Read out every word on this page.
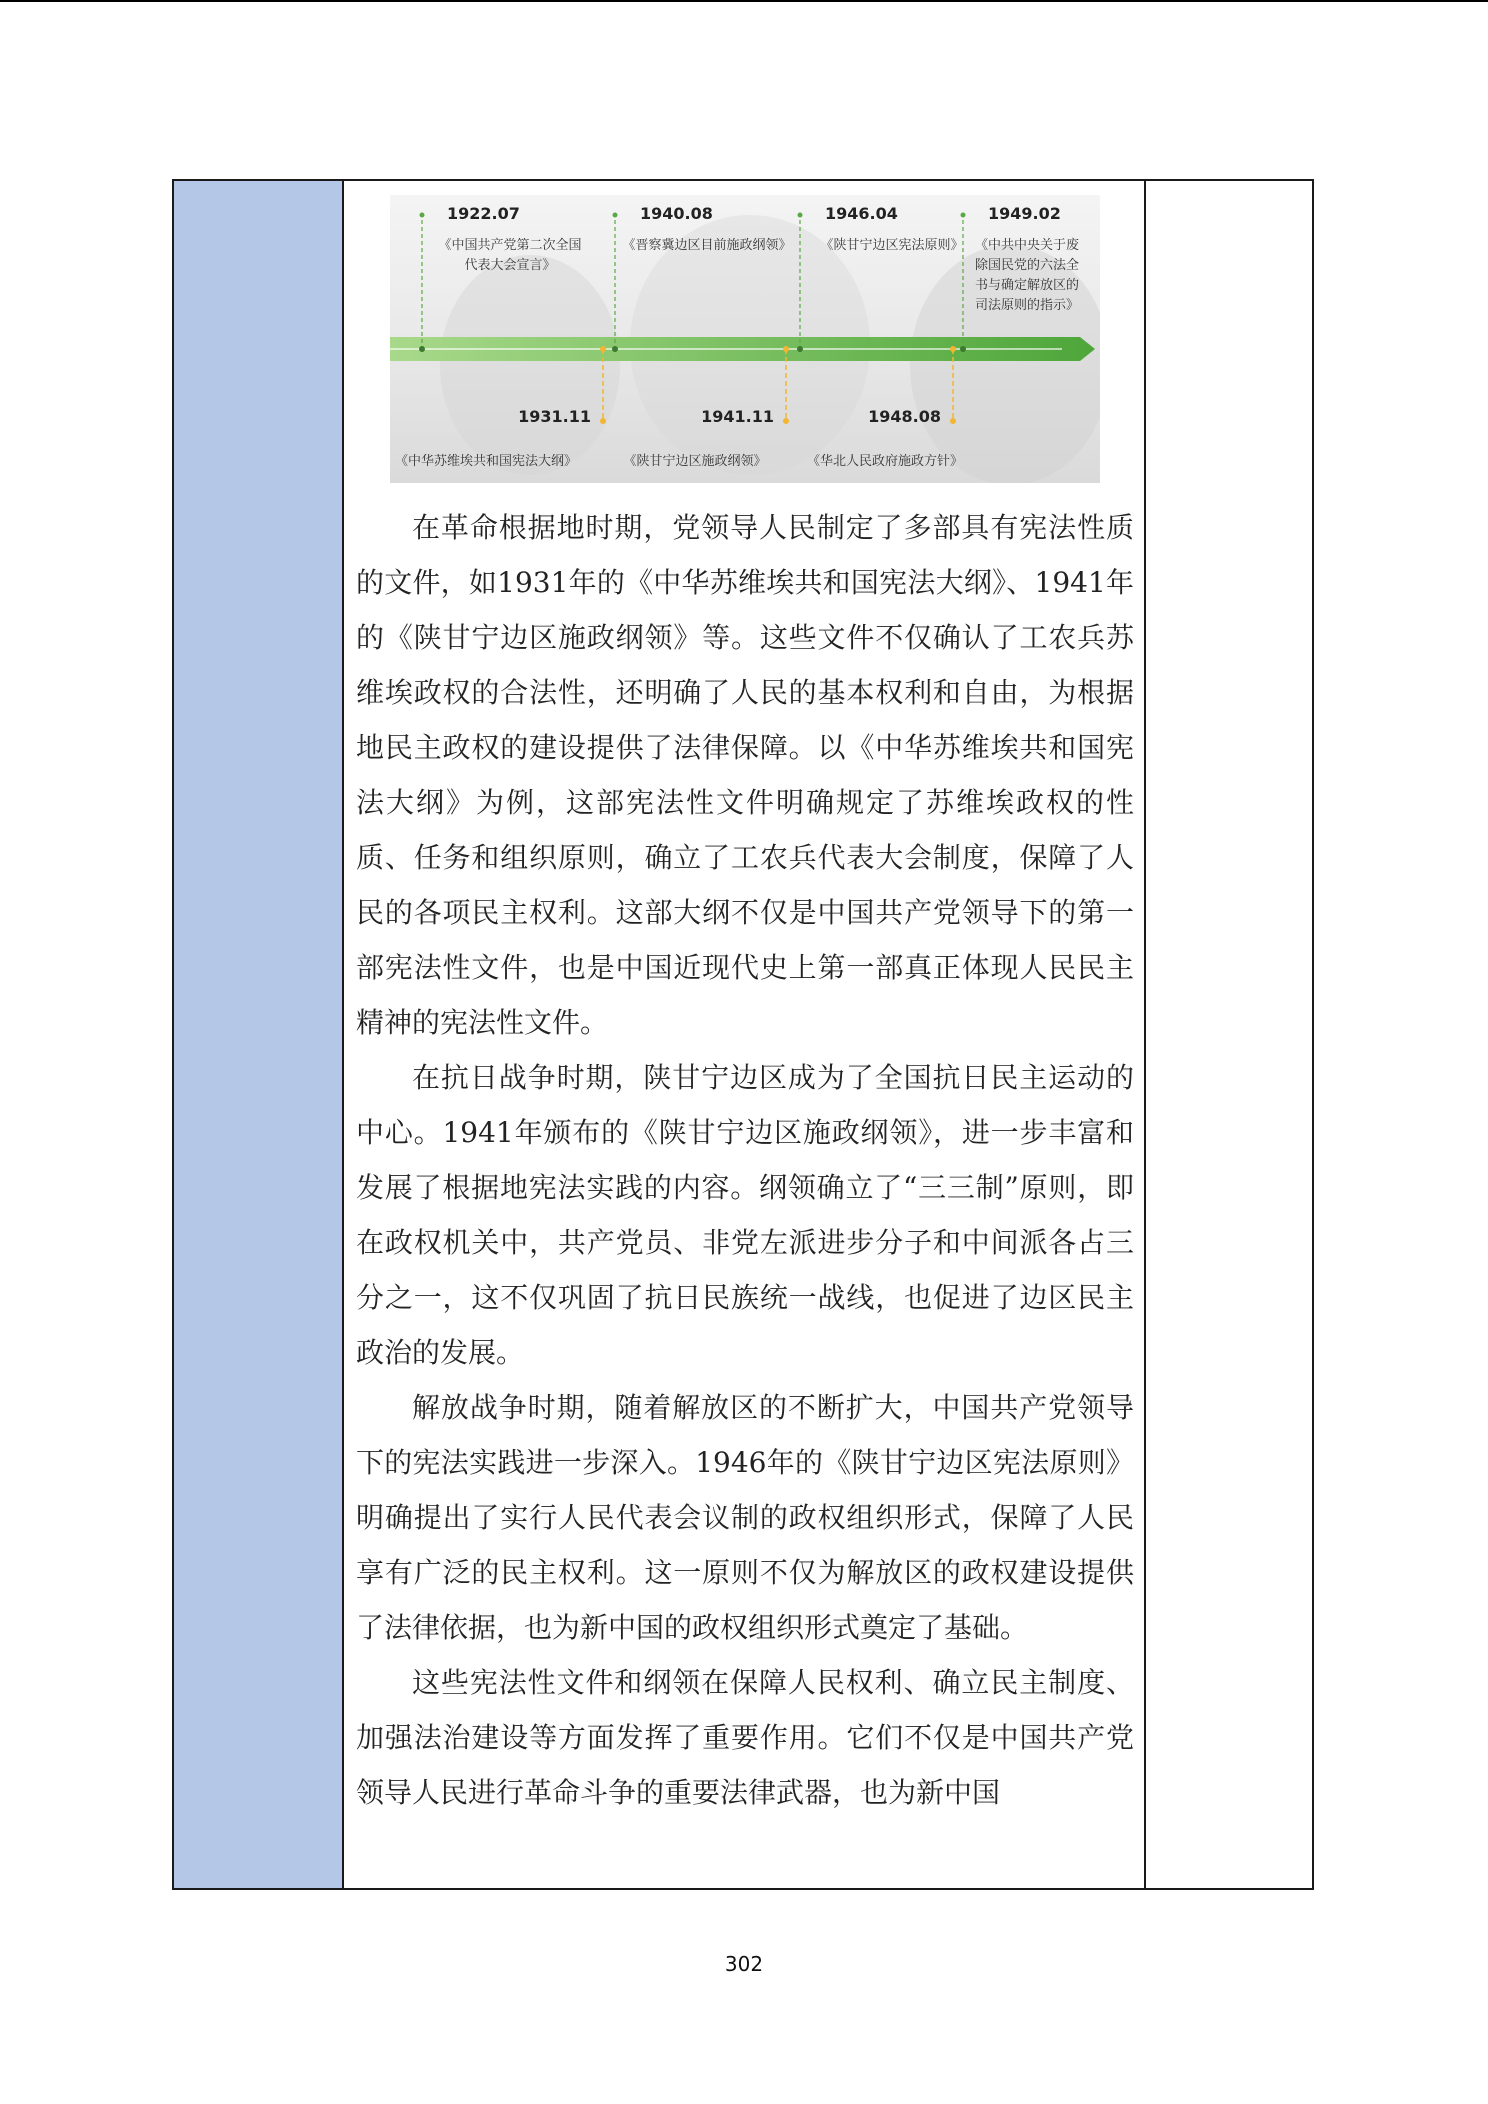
1922.07
《中国共产党第二次全国
代表大会宣言》
1940.08
《晋察冀边区目前施政纲领》
1946.04
《陕甘宁边区宪法原则》
1949.02
《中共中央关于废
除国民党的六法全
书与确定解放区的
司法原则的指示》
1931.11
《中华苏维埃共和国宪法大纲》
1941.11
《陕甘宁边区施政纲领》
1948.08
《华北人民政府施政方针》

在革命根据地时期，党领导人民制定了多部具有宪法性质的文件，如1931年的《中华苏维埃共和国宪法大纲》、1941年的《陕甘宁边区施政纲领》等。这些文件不仅确认了工农兵苏维埃政权的合法性，还明确了人民的基本权利和自由，为根据地民主政权的建设提供了法律保障。以《中华苏维埃共和国宪法大纲》为例，这部宪法性文件明确规定了苏维埃政权的性质、任务和组织原则，确立了工农兵代表大会制度，保障了人民的各项民主权利。这部大纲不仅是中国共产党领导下的第一部宪法性文件，也是中国近现代史上第一部真正体现人民民主精神的宪法性文件。

在抗日战争时期，陕甘宁边区成为了全国抗日民主运动的中心。1941年颁布的《陕甘宁边区施政纲领》，进一步丰富和发展了根据地宪法实践的内容。纲领确立了“三三制”原则，即在政权机关中，共产党员、非党左派进步分子和中间派各占三分之一，这不仅巩固了抗日民族统一战线，也促进了边区民主政治的发展。

解放战争时期，随着解放区的不断扩大，中国共产党领导下的宪法实践进一步深入。1946年的《陕甘宁边区宪法原则》明确提出了实行人民代表会议制的政权组织形式，保障了人民享有广泛的民主权利。这一原则不仅为解放区的政权建设提供了法律依据，也为新中国的政权组织形式奠定了基础。

这些宪法性文件和纲领在保障人民权利、确立民主制度、加强法治建设等方面发挥了重要作用。它们不仅是中国共产党领导人民进行革命斗争的重要法律武器，也为新中国

302
